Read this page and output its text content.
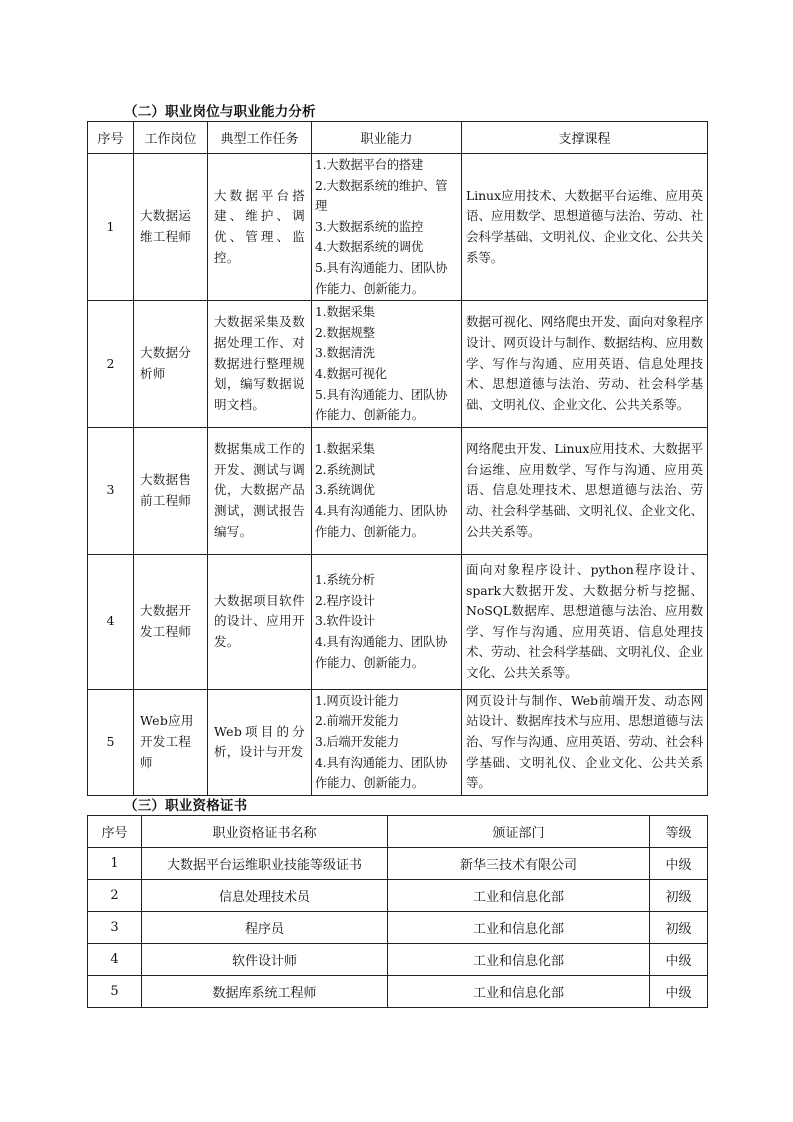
（二）职业岗位与职业能力分析
序号	工作岗位	典型工作任务	职业能力	支撑课程
1	大数据运维工程师	大数据平台搭建、维护、调优、管理、监控。	1.大数据平台的搭建
2.大数据系统的维护、管理
3.大数据系统的监控
4.大数据系统的调优
5.具有沟通能力、团队协作能力、创新能力。	Linux应用技术、大数据平台运维、应用英语、应用数学、思想道德与法治、劳动、社会科学基础、文明礼仪、企业文化、公共关系等。
2	大数据分析师	大数据采集及数据处理工作、对数据进行整理规划，编写数据说明文档。	1.数据采集
2.数据规整
3.数据清洗
4.数据可视化
5.具有沟通能力、团队协作能力、创新能力。	数据可视化、网络爬虫开发、面向对象程序设计、网页设计与制作、数据结构、应用数学、写作与沟通、应用英语、信息处理技术、思想道德与法治、劳动、社会科学基础、文明礼仪、企业文化、公共关系等。
3	大数据售前工程师	数据集成工作的开发、测试与调优，大数据产品测试，测试报告编写。	1.数据采集
2.系统测试
3.系统调优
4.具有沟通能力、团队协作能力、创新能力。	网络爬虫开发、Linux应用技术、大数据平台运维、应用数学、写作与沟通、应用英语、信息处理技术、思想道德与法治、劳动、社会科学基础、文明礼仪、企业文化、公共关系等。
4	大数据开发工程师	大数据项目软件的设计、应用开发。	1.系统分析
2.程序设计
3.软件设计
4.具有沟通能力、团队协作能力、创新能力。	面向对象程序设计、python程序设计、spark大数据开发、大数据分析与挖掘、NoSQL数据库、思想道德与法治、应用数学、写作与沟通、应用英语、信息处理技术、劳动、社会科学基础、文明礼仪、企业文化、公共关系等。
5	Web应用开发工程师	Web项目的分析，设计与开发	1.网页设计能力
2.前端开发能力
3.后端开发能力
4.具有沟通能力、团队协作能力、创新能力。	网页设计与制作、Web前端开发、动态网站设计、数据库技术与应用、思想道德与法治、写作与沟通、应用英语、劳动、社会科学基础、文明礼仪、企业文化、公共关系等。
（三）职业资格证书
序号	职业资格证书名称	颁证部门	等级
1	大数据平台运维职业技能等级证书	新华三技术有限公司	中级
2	信息处理技术员	工业和信息化部	初级
3	程序员	工业和信息化部	初级
4	软件设计师	工业和信息化部	中级
5	数据库系统工程师	工业和信息化部	中级
